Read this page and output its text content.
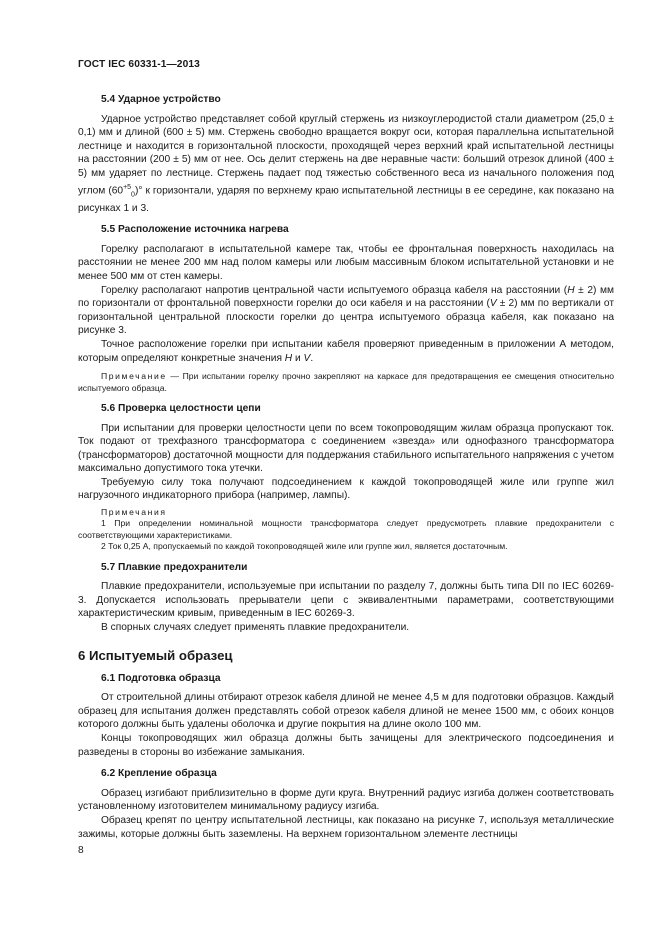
ГОСТ IEC 60331-1—2013
5.4 Ударное устройство

Ударное устройство представляет собой круглый стержень из низкоуглеродистой стали диаметром (25,0 ± 0,1) мм и длиной (600 ± 5) мм. Стержень свободно вращается вокруг оси, которая параллельна испытательной лестнице и находится в горизонтальной плоскости, проходящей через верхний край испытательной лестницы на расстоянии (200 ± 5) мм от нее. Ось делит стержень на две неравные части: больший отрезок длиной (400 ± 5) мм ударяет по лестнице. Стержень падает под тяжестью собственного веса из начального положения под углом $(60^{+5}_0)^\circ$ к горизонтали, ударяя по верхнему краю испытательной лестницы в ее середине, как показано на рисунках 1 и 3.

5.5 Расположение источника нагрева

Горелку располагают в испытательной камере так, чтобы ее фронтальная поверхность находилась на расстоянии не менее 200 мм над полом камеры или любым массивным блоком испытательной установки и не менее 500 мм от стен камеры.

Горелку располагают напротив центральной части испытуемого образца кабеля на расстоянии (H ± 2) мм по горизонтали от фронтальной поверхности горелки до оси кабеля и на расстоянии (V ± 2) мм по вертикали от горизонтальной центральной плоскости горелки до центра испытуемого образца кабеля, как показано на рисунке 3.

Точное расположение горелки при испытании кабеля проверяют приведенным в приложении А методом, которым определяют конкретные значения H и V.

Примечание — При испытании горелку прочно закрепляют на каркасе для предотвращения ее смещения относительно испытуемого образца.

5.6 Проверка целостности цепи

При испытании для проверки целостности цепи по всем токопроводящим жилам образца пропускают ток. Ток подают от трехфазного трансформатора с соединением «звезда» или однофазного трансформатора (трансформаторов) достаточной мощности для поддержания стабильного испытательного напряжения с учетом максимально допустимого тока утечки.

Требуемую силу тока получают подсоединением к каждой токопроводящей жиле или группе жил нагрузочного индикаторного прибора (например, лампы).

Примечания

1 При определении номинальной мощности трансформатора следует предусмотреть плавкие предохранители с соответствующими характеристиками.

2 Ток 0,25 А, пропускаемый по каждой токопроводящей жиле или группе жил, является достаточным.

5.7 Плавкие предохранители

Плавкие предохранители, используемые при испытании по разделу 7, должны быть типа DII по IEC 60269-3. Допускается использовать прерыватели цепи с эквивалентными параметрами, соответствующими характеристическим кривым, приведенным в IEC 60269-3.

В спорных случаях следует применять плавкие предохранители.

6 Испытуемый образец
6.1 Подготовка образца

От строительной длины отбирают отрезок кабеля длиной не менее 4,5 м для подготовки образцов. Каждый образец для испытания должен представлять собой отрезок кабеля длиной не менее 1500 мм, с обоих концов которого должны быть удалены оболочка и другие покрытия на длине около 100 мм.

Концы токопроводящих жил образца должны быть зачищены для электрического подсоединения и разведены в стороны во избежание замыкания.

6.2 Крепление образца

Образец изгибают приблизительно в форме дуги круга. Внутренний радиус изгиба должен соответствовать установленному изготовителем минимальному радиусу изгиба.

Образец крепят по центру испытательной лестницы, как показано на рисунке 7, используя металлические зажимы, которые должны быть заземлены. На верхнем горизонтальном элементе лестницы

8
